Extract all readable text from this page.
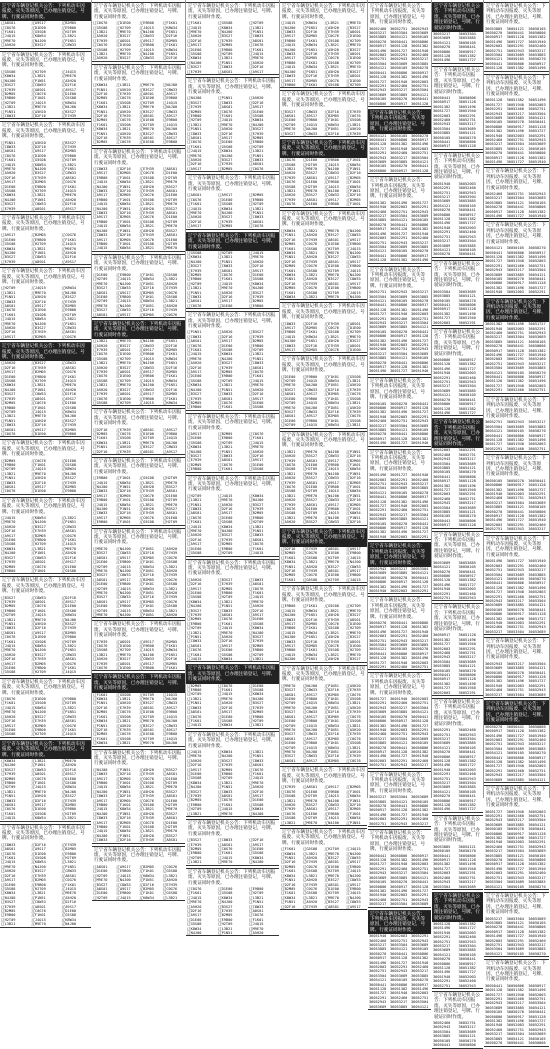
辽宁省车辆登记机关公告：下列机动车因报废、灭失等原因，已办理注销登记，号牌、行驶证同时作废。
辽A8S01	辽A9S17	辽B2M05
辽C0G76	辽D1E00	辽E9B00
辽F1K01	辽G5S08	辽H2T09
辽J4Q15	辽K8W34	辽L3B21
辽M9E70	辽N4J00	辽P1N51
辽A5H20	辽B3S27	辽C8W33
辽宁省车辆登记机关公告：下列机动车因报废、灭失等原因，已办理注销登记，号牌、行驶证同时作废。
辽G5S08	辽H2T09	辽J4Q15
辽K8W34	辽L3B21	辽M9E70
辽N4J00	辽P1N51	辽A5H20
辽B3S27	辽C8W33	辽D2F16
辽E7H39	辽A8S01	辽A9S17
辽B2M05	辽C0G76	辽D1E00
辽E9B00	辽F1K01	辽G5S08
辽H2T09	辽J4Q15	辽K8W34
辽L3B21	辽M9E70	辽N4J00
辽P1N51	辽A5H20	辽B3S27
辽C8W33	辽D2F16	辽E7H39
辽宁省车辆登记机关公告：下列机动车因报废、灭失等原因，已办理注销登记，号牌、行驶证同时作废。
辽P1N51	辽A5H20	辽B3S27
辽C8W33	辽D2F16	辽E7H39
辽A8S01	辽A9S17	辽B2M05
辽C0G76	辽D1E00	辽E9B00
辽F1K01	辽G5S08	辽H2T09
辽J4Q15	辽K8W34	辽L3B21
辽M9E70	辽N4J00	辽P1N51
辽A5H20	辽B3S27	辽C8W33
辽D2F16	辽E7H39	辽A8S01
辽A9S17	辽B2M05	辽C0G76
辽D1E00	辽E9B00	辽F1K01
辽G5S08	辽H2T09	辽J4Q15
辽K8W34	辽L3B21	辽M9E70
辽N4J00	辽P1N51	辽A5H20
辽B3S27	辽C8W33	辽D2F16
辽E7H39	辽A8S01	辽A9S17
辽宁省车辆登记机关公告：下列机动车因报废、灭失等原因，已办理注销登记，号牌、行驶证同时作废。
辽A9S17	辽B2M05	辽C0G76
辽D1E00	辽E9B00	辽F1K01
辽G5S08	辽H2T09	辽J4Q15
辽K8W34	辽L3B21	辽M9E70
辽N4J00	辽P1N51	辽A5H20
辽B3S27	辽C8W33	辽D2F16
辽E7H39	辽A8S01	辽A9S17
辽宁省车辆登记机关公告：下列机动车因报废、灭失等原因，已办理注销登记，号牌、行驶证同时作废。
辽H2T09	辽J4Q15	辽K8W34
辽L3B21	辽M9E70	辽N4J00
辽P1N51	辽A5H20	辽B3S27
辽C8W33	辽D2F16	辽E7H39
辽A8S01	辽A9S17	辽B2M05
辽C0G76	辽D1E00	辽E9B00
辽F1K01	辽G5S08	辽H2T09
辽J4Q15	辽K8W34	辽L3B21
辽M9E70	辽N4J00	辽P1N51
辽A5H20	辽B3S27	辽C8W33
辽D2F16	辽E7H39	辽A8S01
辽A9S17	辽B2M05	辽C0G76
辽宁省车辆登记机关公告：下列机动车因报废、灭失等原因，已办理注销登记，号牌、行驶证同时作废。
辽A5H20	辽B3S27	辽C8W33
辽D2F16	辽E7H39	辽A8S01
辽A9S17	辽B2M05	辽C0G76
辽D1E00	辽E9B00	辽F1K01
辽G5S08	辽H2T09	辽J4Q15
辽K8W34	辽L3B21	辽M9E70
辽N4J00	辽P1N51	辽A5H20
辽B3S27	辽C8W33	辽D2F16
辽E7H39	辽A8S01	辽A9S17
辽B2M05	辽C0G76	辽D1E00
辽E9B00	辽F1K01	辽G5S08
辽H2T09	辽J4Q15	辽K8W34
辽L3B21	辽M9E70	辽N4J00
辽P1N51	辽A5H20	辽B3S27
辽C8W33	辽D2F16	辽E7H39
辽A8S01	辽A9S17	辽B2M05
辽C0G76	辽D1E00	辽E9B00
辽宁省车辆登记机关公告：下列机动车因报废、灭失等原因，已办理注销登记，号牌、行驶证同时作废。
辽B2M05	辽C0G76	辽D1E00
辽E9B00	辽F1K01	辽G5S08
辽H2T09	辽J4Q15	辽K8W34
辽L3B21	辽M9E70	辽N4J00
辽P1N51	辽A5H20	辽B3S27
辽C8W33	辽D2F16	辽E7H39
辽A8S01	辽A9S17	辽B2M05
辽C0G76	辽D1E00	辽E9B00
辽宁省车辆登记机关公告：下列机动车因报废、灭失等原因，已办理注销登记，号牌、行驶证同时作废。
辽J4Q15	辽K8W34	辽L3B21
辽M9E70	辽N4J00	辽P1N51
辽A5H20	辽B3S27	辽C8W33
辽D2F16	辽E7H39	辽A8S01
辽A9S17	辽B2M05	辽C0G76
辽D1E00	辽E9B00	辽F1K01
辽G5S08	辽H2T09	辽J4Q15
辽K8W34	辽L3B21	辽M9E70
辽N4J00	辽P1N51	辽A5H20
辽B3S27	辽C8W33	辽D2F16
辽E7H39	辽A8S01	辽A9S17
辽B2M05	辽C0G76	辽D1E00
辽E9B00	辽F1K01	辽G5S08
辽宁省车辆登记机关公告：下列机动车因报废、灭失等原因，已办理注销登记，号牌、行驶证同时作废。
辽B3S27	辽C8W33	辽D2F16
辽E7H39	辽A8S01	辽A9S17
辽B2M05	辽C0G76	辽D1E00
辽E9B00	辽F1K01	辽G5S08
辽H2T09	辽J4Q15	辽K8W34
辽L3B21	辽M9E70	辽N4J00
辽P1N51	辽A5H20	辽B3S27
辽C8W33	辽D2F16	辽E7H39
辽A8S01	辽A9S17	辽B2M05
辽C0G76	辽D1E00	辽E9B00
辽F1K01	辽G5S08	辽H2T09
辽J4Q15	辽K8W34	辽L3B21
辽M9E70	辽N4J00	辽P1N51
辽A5H20	辽B3S27	辽C8W33
辽D2F16	辽E7H39	辽A8S01
辽A9S17	辽B2M05	辽C0G76
辽D1E00	辽E9B00	辽F1K01
辽G5S08	辽H2T09	辽J4Q15
辽宁省车辆登记机关公告：下列机动车因报废、灭失等原因，已办理注销登记，号牌、行驶证同时作废。
辽C0G76	辽D1E00	辽E9B00
辽F1K01	辽G5S08	辽H2T09
辽J4Q15	辽K8W34	辽L3B21
辽M9E70	辽N4J00	辽P1N51
辽A5H20	辽B3S27	辽C8W33
辽D2F16	辽E7H39	辽A8S01
辽A9S17	辽B2M05	辽C0G76
辽D1E00	辽E9B00	辽F1K01
辽G5S08	辽H2T09	辽J4Q15
辽宁省车辆登记机关公告：下列机动车因报废、灭失等原因，已办理注销登记，号牌、行驶证同时作废。
辽K8W34	辽L3B21	辽M9E70
辽N4J00	辽P1N51	辽A5H20
辽B3S27	辽C8W33	辽D2F16
辽E7H39	辽A8S01	辽A9S17
辽B2M05	辽C0G76	辽D1E00
辽E9B00	辽F1K01	辽G5S08
辽H2T09	辽J4Q15	辽K8W34
辽L3B21	辽M9E70	辽N4J00
辽P1N51	辽A5H20	辽B3S27
辽C8W33	辽D2F16	辽E7H39
辽A8S01	辽A9S17	辽B2M05
辽C0G76	辽D1E00	辽E9B00
辽F1K01	辽G5S08	辽H2T09
辽J4Q15	辽K8W34	辽L3B21
辽宁省车辆登记机关公告：下列机动车因报废、灭失等原因，已办理注销登记，号牌、行驶证同时作废。
辽C8W33	辽D2F16	辽E7H39
辽A8S01	辽A9S17	辽B2M05
辽C0G76	辽D1E00	辽E9B00
辽F1K01	辽G5S08	辽H2T09
辽J4Q15	辽K8W34	辽L3B21
辽M9E70	辽N4J00	辽P1N51
辽A5H20	辽B3S27	辽C8W33
辽D2F16	辽E7H39	辽A8S01
辽A9S17	辽B2M05	辽C0G76
辽D1E00	辽E9B00	辽F1K01
辽G5S08	辽H2T09	辽J4Q15
辽K8W34	辽L3B21	辽M9E70
辽N4J00	辽P1N51	辽A5H20
辽B3S27	辽C8W33	辽D2F16
辽E7H39	辽A8S01	辽A9S17
辽B2M05	辽C0G76	辽D1E00
辽E9B00	辽F1K01	辽G5S08
辽H2T09	辽J4Q15	辽K8W34
辽L3B21	辽M9E70	辽N4J00
辽宁省车辆登记机关公告：下列机动车因报废、灭失等原因，已办理注销登记，号牌、行驶证同时作废。
辽C0G76	辽D1E00	辽E9B00	辽F1K01
辽G5S08	辽H2T09	辽J4Q15	辽K8W34
辽L3B21	辽M9E70	辽N4J00	辽P1N51
辽A5H20	辽B3S27	辽C8W33	辽D2F16
辽E7H39	辽A8S01	辽A9S17	辽B2M05
辽C0G76	辽D1E00	辽E9B00	辽F1K01
辽G5S08	辽H2T09	辽J4Q15	辽K8W34
辽L3B21	辽M9E70	辽N4J00	辽P1N51
辽A5H20	辽B3S27	辽C8W33	辽D2F16
辽宁省车辆登记机关公告：下列机动车因报废、灭失等原因，已办理注销登记，号牌、行驶证同时作废。
辽K8W34	辽L3B21	辽M9E70	辽N4J00
辽P1N51	辽A5H20	辽B3S27	辽C8W33
辽D2F16	辽E7H39	辽A8S01	辽A9S17
辽B2M05	辽C0G76	辽D1E00	辽E9B00
辽F1K01	辽G5S08	辽H2T09	辽J4Q15
辽K8W34	辽L3B21	辽M9E70	辽N4J00
辽P1N51	辽A5H20	辽B3S27	辽C8W33
辽D2F16	辽E7H39	辽A8S01	辽A9S17
辽B2M05	辽C0G76	辽D1E00	辽E9B00
辽F1K01	辽G5S08	辽H2T09	辽J4Q15
辽K8W34	辽L3B21	辽M9E70	辽N4J00
辽P1N51	辽A5H20	辽B3S27	辽C8W33
辽D2F16	辽E7H39	辽A8S01	辽A9S17
辽B2M05	辽C0G76	辽D1E00	辽E9B00
辽宁省车辆登记机关公告：下列机动车因报废、灭失等原因，已办理注销登记，号牌、行驶证同时作废。
辽C8W33	辽D2F16	辽E7H39	辽A8S01
辽A9S17	辽B2M05	辽C0G76	辽D1E00
辽E9B00	辽F1K01	辽G5S08	辽H2T09
辽J4Q15	辽K8W34	辽L3B21	辽M9E70
辽N4J00	辽P1N51	辽A5H20	辽B3S27
辽C8W33	辽D2F16	辽E7H39	辽A8S01
辽A9S17	辽B2M05	辽C0G76	辽D1E00
辽E9B00	辽F1K01	辽G5S08	辽H2T09
辽J4Q15	辽K8W34	辽L3B21	辽M9E70
辽N4J00	辽P1N51	辽A5H20	辽B3S27
辽C8W33	辽D2F16	辽E7H39	辽A8S01
辽A9S17	辽B2M05	辽C0G76	辽D1E00
辽E9B00	辽F1K01	辽G5S08	辽H2T09
辽J4Q15	辽K8W34	辽L3B21	辽M9E70
辽N4J00	辽P1N51	辽A5H20	辽B3S27
辽C8W33	辽D2F16	辽E7H39	辽A8S01
辽A9S17	辽B2M05	辽C0G76	辽D1E00
辽E9B00	辽F1K01	辽G5S08	辽H2T09
辽J4Q15	辽K8W34	辽L3B21	辽M9E70
辽宁省车辆登记机关公告：下列机动车因报废、灭失等原因，已办理注销登记，号牌、行驶证同时作废。
辽D1E00	辽E9B00	辽F1K01	辽G5S08
辽H2T09	辽J4Q15	辽K8W34	辽L3B21
辽M9E70	辽N4J00	辽P1N51	辽A5H20
辽B3S27	辽C8W33	辽D2F16	辽E7H39
辽A8S01	辽A9S17	辽B2M05	辽C0G76
辽D1E00	辽E9B00	辽F1K01	辽G5S08
辽H2T09	辽J4Q15	辽K8W34	辽L3B21
辽M9E70	辽N4J00	辽P1N51	辽A5H20
辽B3S27	辽C8W33	辽D2F16	辽E7H39
辽A8S01	辽A9S17	辽B2M05	辽C0G76
辽宁省车辆登记机关公告：下列机动车因报废、灭失等原因，已办理注销登记，号牌、行驶证同时作废。
辽L3B21	辽M9E70	辽N4J00	辽P1N51
辽A5H20	辽B3S27	辽C8W33	辽D2F16
辽E7H39	辽A8S01	辽A9S17	辽B2M05
辽C0G76	辽D1E00	辽E9B00	辽F1K01
辽G5S08	辽H2T09	辽J4Q15	辽K8W34
辽L3B21	辽M9E70	辽N4J00	辽P1N51
辽A5H20	辽B3S27	辽C8W33	辽D2F16
辽E7H39	辽A8S01	辽A9S17	辽B2M05
辽C0G76	辽D1E00	辽E9B00	辽F1K01
辽G5S08	辽H2T09	辽J4Q15	辽K8W34
辽L3B21	辽M9E70	辽N4J00	辽P1N51
辽A5H20	辽B3S27	辽C8W33	辽D2F16
辽E7H39	辽A8S01	辽A9S17	辽B2M05
辽C0G76	辽D1E00	辽E9B00	辽F1K01
辽G5S08	辽H2T09	辽J4Q15	辽K8W34
辽宁省车辆登记机关公告：下列机动车因报废、灭失等原因，已办理注销登记，号牌、行驶证同时作废。
辽D2F16	辽E7H39	辽A8S01	辽A9S17
辽B2M05	辽C0G76	辽D1E00	辽E9B00
辽F1K01	辽G5S08	辽H2T09	辽J4Q15
辽K8W34	辽L3B21	辽M9E70	辽N4J00
辽P1N51	辽A5H20	辽B3S27	辽C8W33
辽D2F16	辽E7H39	辽A8S01	辽A9S17
辽宁省车辆登记机关公告：下列机动车因报废、灭失等原因，已办理注销登记，号牌、行驶证同时作废。
辽E9B00	辽F1K01	辽G5S08	辽H2T09
辽J4Q15	辽K8W34	辽L3B21	辽M9E70
辽N4J00	辽P1N51	辽A5H20	辽B3S27
辽C8W33	辽D2F16	辽E7H39	辽A8S01
辽A9S17	辽B2M05	辽C0G76	辽D1E00
辽E9B00	辽F1K01	辽G5S08	辽H2T09
辽J4Q15	辽K8W34	辽L3B21	辽M9E70
辽N4J00	辽P1N51	辽A5H20	辽B3S27
辽C8W33	辽D2F16	辽E7H39	辽A8S01
辽A9S17	辽B2M05	辽C0G76	辽D1E00
辽E9B00	辽F1K01	辽G5S08	辽H2T09
辽宁省车辆登记机关公告：下列机动车因报废、灭失等原因，已办理注销登记，号牌、行驶证同时作废。
辽M9E70	辽N4J00	辽P1N51	辽A5H20
辽B3S27	辽C8W33	辽D2F16	辽E7H39
辽A8S01	辽A9S17	辽B2M05	辽C0G76
辽D1E00	辽E9B00	辽F1K01	辽G5S08
辽H2T09	辽J4Q15	辽K8W34	辽L3B21
辽M9E70	辽N4J00	辽P1N51	辽A5H20
辽B3S27	辽C8W33	辽D2F16	辽E7H39
辽A8S01	辽A9S17	辽B2M05	辽C0G76
辽D1E00	辽E9B00	辽F1K01	辽G5S08
辽H2T09	辽J4Q15	辽K8W34	辽L3B21
辽M9E70	辽N4J00	辽P1N51	辽A5H20
辽B3S27	辽C8W33	辽D2F16	辽E7H39
辽A8S01	辽A9S17	辽B2M05	辽C0G76
辽D1E00	辽E9B00	辽F1K01	辽G5S08
辽H2T09	辽J4Q15	辽K8W34	辽L3B21
辽M9E70	辽N4J00	辽P1N51	辽A5H20
辽宁省车辆登记机关公告：下列机动车因报废、灭失等原因，已办理注销登记，号牌、行驶证同时作废。
辽E7H39	辽A8S01	辽A9S17	辽B2M05
辽C0G76	辽D1E00	辽E9B00	辽F1K01
辽G5S08	辽H2T09	辽J4Q15	辽K8W34
辽L3B21	辽M9E70	辽N4J00	辽P1N51
辽A5H20	辽B3S27	辽C8W33	辽D2F16
辽E7H39	辽A8S01	辽A9S17	辽B2M05
辽C0G76	辽D1E00	辽E9B00	辽F1K01
辽宁省车辆登记机关公告：下列机动车因报废、灭失等原因，已办理注销登记，号牌、行驶证同时作废。
辽F1K01	辽G5S08	辽H2T09	辽J4Q15
辽K8W34	辽L3B21	辽M9E70	辽N4J00
辽P1N51	辽A5H20	辽B3S27	辽C8W33
辽D2F16	辽E7H39	辽A8S01	辽A9S17
辽B2M05	辽C0G76	辽D1E00	辽E9B00
辽F1K01	辽G5S08	辽H2T09	辽J4Q15
辽K8W34	辽L3B21	辽M9E70	辽N4J00
辽P1N51	辽A5H20	辽B3S27	辽C8W33
辽D2F16	辽E7H39	辽A8S01	辽A9S17
辽B2M05	辽C0G76	辽D1E00	辽E9B00
辽F1K01	辽G5S08	辽H2T09	辽J4Q15
辽K8W34	辽L3B21	辽M9E70	辽N4J00
辽宁省车辆登记机关公告：下列机动车因报废、灭失等原因，已办理注销登记，号牌、行驶证同时作废。
辽N4J00	辽P1N51	辽A5H20	辽B3S27
辽C8W33	辽D2F16	辽E7H39	辽A8S01
辽A9S17	辽B2M05	辽C0G76	辽D1E00
辽E9B00	辽F1K01	辽G5S08	辽H2T09
辽J4Q15	辽K8W34	辽L3B21	辽M9E70
辽N4J00	辽P1N51	辽A5H20	辽B3S27
辽C8W33	辽D2F16	辽E7H39	辽A8S01
辽A9S17	辽B2M05	辽C0G76	辽D1E00
辽E9B00	辽F1K01	辽G5S08	辽H2T09
辽J4Q15	辽K8W34	辽L3B21	辽M9E70
辽N4J00	辽P1N51	辽A5H20	辽B3S27
辽C8W33	辽D2F16	辽E7H39	辽A8S01
辽A9S17	辽B2M05	辽C0G76	辽D1E00
辽E9B00	辽F1K01	辽G5S08	辽H2T09
辽J4Q15	辽K8W34	辽L3B21	辽M9E70
辽N4J00	辽P1N51	辽A5H20	辽B3S27
辽C8W33	辽D2F16	辽E7H39	辽A8S01
辽宁省车辆登记机关公告：下列机动车因报废、灭失等原因，已办理注销登记，号牌、行驶证同时作废。
辽A8S01	辽A9S17	辽B2M05	辽C0G76
辽D1E00	辽E9B00	辽F1K01	辽G5S08
辽H2T09	辽J4Q15	辽K8W34	辽L3B21
辽M9E70	辽N4J00	辽P1N51	辽A5H20
辽B3S27	辽C8W33	辽D2F16	辽E7H39
辽A8S01	辽A9S17	辽B2M05	辽C0G76
辽D1E00	辽E9B00	辽F1K01	辽G5S08
辽H2T09	辽J4Q15	辽K8W34	辽L3B21
辽宁省车辆登记机关公告：下列机动车因报废、灭失等原因，已办理注销登记，号牌、行驶证同时作废。
辽F1K01	辽G5S08	辽H2T09
辽J4Q15	辽K8W34	辽L3B21
辽M9E70	辽N4J00	辽P1N51
辽A5H20	辽B3S27	辽C8W33
辽D2F16	辽E7H39	辽A8S01
辽A9S17	辽B2M05	辽C0G76
辽D1E00	辽E9B00	辽F1K01
辽G5S08	辽H2T09	辽J4Q15
辽K8W34	辽L3B21	辽M9E70
辽N4J00	辽P1N51	辽A5H20
辽B3S27	辽C8W33	辽D2F16
辽E7H39	辽A8S01	辽A9S17
辽宁省车辆登记机关公告：下列机动车因报废、灭失等原因，已办理注销登记，号牌、行驶证同时作废。
辽N4J00	辽P1N51	辽A5H20
辽B3S27	辽C8W33	辽D2F16
辽E7H39	辽A8S01	辽A9S17
辽B2M05	辽C0G76	辽D1E00
辽E9B00	辽F1K01	辽G5S08
辽H2T09	辽J4Q15	辽K8W34
辽L3B21	辽M9E70	辽N4J00
辽P1N51	辽A5H20	辽B3S27
辽C8W33	辽D2F16	辽E7H39
辽A8S01	辽A9S17	辽B2M05
辽C0G76	辽D1E00	辽E9B00
辽F1K01	辽G5S08	辽H2T09
辽J4Q15	辽K8W34	辽L3B21
辽M9E70	辽N4J00	辽P1N51
辽A5H20	辽B3S27	辽C8W33
辽D2F16	辽E7H39	辽A8S01
辽A9S17	辽B2M05	辽C0G76
辽宁省车辆登记机关公告：下列机动车因报废、灭失等原因，已办理注销登记，号牌、行驶证同时作废。
辽A8S01	辽A9S17	辽B2M05
辽C0G76	辽D1E00	辽E9B00
辽F1K01	辽G5S08	辽H2T09
辽J4Q15	辽K8W34	辽L3B21
辽M9E70	辽N4J00	辽P1N51
辽A5H20	辽B3S27	辽C8W33
辽D2F16	辽E7H39	辽A8S01
辽A9S17	辽B2M05	辽C0G76
辽宁省车辆登记机关公告：下列机动车因报废、灭失等原因，已办理注销登记，号牌、行驶证同时作废。
辽G5S08	辽H2T09	辽J4Q15
辽K8W34	辽L3B21	辽M9E70
辽N4J00	辽P1N51	辽A5H20
辽B3S27	辽C8W33	辽D2F16
辽E7H39	辽A8S01	辽A9S17
辽B2M05	辽C0G76	辽D1E00
辽E9B00	辽F1K01	辽G5S08
辽H2T09	辽J4Q15	辽K8W34
辽L3B21	辽M9E70	辽N4J00
辽P1N51	辽A5H20	辽B3S27
辽C8W33	辽D2F16	辽E7H39
辽A8S01	辽A9S17	辽B2M05
辽C0G76	辽D1E00	辽E9B00
辽宁省车辆登记机关公告：下列机动车因报废、灭失等原因，已办理注销登记，号牌、行驶证同时作废。
辽P1N51	辽A5H20	辽B3S27
辽C8W33	辽D2F16	辽E7H39
辽A8S01	辽A9S17	辽B2M05
辽C0G76	辽D1E00	辽E9B00
辽F1K01	辽G5S08	辽H2T09
辽J4Q15	辽K8W34	辽L3B21
辽M9E70	辽N4J00	辽P1N51
辽A5H20	辽B3S27	辽C8W33
辽D2F16	辽E7H39	辽A8S01
辽A9S17	辽B2M05	辽C0G76
辽D1E00	辽E9B00	辽F1K01
辽G5S08	辽H2T09	辽J4Q15
辽K8W34	辽L3B21	辽M9E70
辽N4J00	辽P1N51	辽A5H20
辽B3S27	辽C8W33	辽D2F16
辽E7H39	辽A8S01	辽A9S17
辽B2M05	辽C0G76	辽D1E00
辽E9B00	辽F1K01	辽G5S08
辽宁省车辆登记机关公告：下列机动车因报废、灭失等原因，已办理注销登记，号牌、行驶证同时作废。
辽A9S17	辽B2M05	辽C0G76
辽D1E00	辽E9B00	辽F1K01
辽G5S08	辽H2T09	辽J4Q15
辽K8W34	辽L3B21	辽M9E70
辽N4J00	辽P1N51	辽A5H20
辽B3S27	辽C8W33	辽D2F16
辽E7H39	辽A8S01	辽A9S17
辽B2M05	辽C0G76	辽D1E00
辽E9B00	辽F1K01	辽G5S08
辽宁省车辆登记机关公告：下列机动车因报废、灭失等原因，已办理注销登记，号牌、行驶证同时作废。
辽H2T09	辽J4Q15	辽K8W34
辽L3B21	辽M9E70	辽N4J00
辽P1N51	辽A5H20	辽B3S27
辽C8W33	辽D2F16	辽E7H39
辽A8S01	辽A9S17	辽B2M05
辽C0G76	辽D1E00	辽E9B00
辽F1K01	辽G5S08	辽H2T09
辽J4Q15	辽K8W34	辽L3B21
辽M9E70	辽N4J00	辽P1N51
辽A5H20	辽B3S27	辽C8W33
辽D2F16	辽E7H39	辽A8S01
辽A9S17	辽B2M05	辽C0G76
辽D1E00	辽E9B00	辽F1K01
辽G5S08	辽H2T09	辽J4Q15
辽宁省车辆登记机关公告：下列机动车因报废、灭失等原因，已办理注销登记，号牌、行驶证同时作废。
辽A5H20	辽B3S27	辽C8W33
辽D2F16	辽E7H39	辽A8S01
辽A9S17	辽B2M05	辽C0G76
辽D1E00	辽E9B00	辽F1K01
辽G5S08	辽H2T09	辽J4Q15
辽K8W34	辽L3B21	辽M9E70
辽N4J00	辽P1N51	辽A5H20
辽B3S27	辽C8W33	辽D2F16
辽E7H39	辽A8S01	辽A9S17
辽B2M05	辽C0G76	辽D1E00
辽E9B00	辽F1K01	辽G5S08
辽H2T09	辽J4Q15	辽K8W34
辽L3B21	辽M9E70	辽N4J00
辽P1N51	辽A5H20	辽B3S27
辽C8W33	辽D2F16	辽E7H39
辽A8S01	辽A9S17	辽B2M05
辽C0G76	辽D1E00	辽E9B00
辽F1K01	辽G5S08	辽H2T09
辽J4Q15	辽K8W34	辽L3B21
辽宁省车辆登记机关公告：下列机动车因报废、灭失等原因，已办理注销登记，号牌、行驶证同时作废。
辽B2M05	辽C0G76	辽D1E00
辽E9B00	辽F1K01	辽G5S08
辽H2T09	辽J4Q15	辽K8W34
辽L3B21	辽M9E70	辽N4J00
辽P1N51	辽A5H20	辽B3S27
辽C8W33	辽D2F16	辽E7H39
辽A8S01	辽A9S17	辽B2M05
辽C0G76	辽D1E00	辽E9B00
辽F1K01	辽G5S08	辽H2T09
辽J4Q15	辽K8W34	辽L3B21
辽宁省车辆登记机关公告：下列机动车因报废、灭失等原因，已办理注销登记，号牌、行驶证同时作废。
辽J4Q15	辽K8W34	辽L3B21
辽M9E70	辽N4J00	辽P1N51
辽A5H20	辽B3S27	辽C8W33
辽D2F16	辽E7H39	辽A8S01
辽A9S17	辽B2M05	辽C0G76
辽D1E00	辽E9B00	辽F1K01
辽G5S08	辽H2T09	辽J4Q15
辽K8W34	辽L3B21	辽M9E70
辽N4J00	辽P1N51	辽A5H20
辽B3S27	辽C8W33	辽D2F16
辽E7H39	辽A8S01	辽A9S17
辽B2M05	辽C0G76	辽D1E00
辽E9B00	辽F1K01	辽G5S08
辽H2T09	辽J4Q15	辽K8W34
辽L3B21	辽M9E70	辽N4J00
辽宁省车辆登记机关公告：下列机动车因报废、灭失等原因，已办理注销登记，号牌、行驶证同时作废。
辽B3S27	辽C8W33	辽D2F16
辽E7H39	辽A8S01	辽A9S17
辽B2M05	辽C0G76	辽D1E00
辽E9B00	辽F1K01	辽G5S08
辽H2T09	辽J4Q15	辽K8W34
辽L3B21	辽M9E70	辽N4J00
辽宁省车辆登记机关公告：下列机动车因报废、灭失等原因，已办理注销登记，号牌、行驶证同时作废。
辽C0G76	辽D1E00	辽E9B00
辽F1K01	辽G5S08	辽H2T09
辽J4Q15	辽K8W34	辽L3B21
辽M9E70	辽N4J00	辽P1N51
辽A5H20	辽B3S27	辽C8W33
辽D2F16	辽E7H39	辽A8S01
辽A9S17	辽B2M05	辽C0G76
辽D1E00	辽E9B00	辽F1K01
辽G5S08	辽H2T09	辽J4Q15
辽K8W34	辽L3B21	辽M9E70
辽N4J00	辽P1N51	辽A5H20
辽宁省车辆登记机关公告：下列机动车因报废、灭失等原因，已办理注销登记，号牌、行驶证同时作废。
辽J4Q15	辽K8W34	辽L3B21	辽M9E70
辽N4J00	辽P1N51	辽A5H20	辽B3S27
辽C8W33	辽D2F16	辽E7H39	辽A8S01
辽A9S17	辽B2M05	辽C0G76	辽D1E00
辽E9B00	辽F1K01	辽G5S08	辽H2T09
辽J4Q15	辽K8W34	辽L3B21	辽M9E70
辽N4J00	辽P1N51	辽A5H20	辽B3S27
辽C8W33	辽D2F16	辽E7H39	辽A8S01
辽A9S17	辽B2M05	辽C0G76	辽D1E00
辽E9B00	辽F1K01	辽G5S08	辽H2T09
辽J4Q15	辽K8W34	辽L3B21	辽M9E70
辽N4J00	辽P1N51	辽A5H20	辽B3S27
辽C8W33	辽D2F16	辽E7H39	辽A8S01
辽A9S17	辽B2M05	辽C0G76	辽D1E00
辽E9B00	辽F1K01	辽G5S08	辽H2T09
辽宁省车辆登记机关公告：下列机动车因报废、灭失等原因，已办理注销登记，号牌、行驶证同时作废。
辽B3S27	辽C8W33	辽D2F16	辽E7H39
辽A8S01	辽A9S17	辽B2M05	辽C0G76
辽D1E00	辽E9B00	辽F1K01	辽G5S08
辽H2T09	辽J4Q15	辽K8W34	辽L3B21
辽M9E70	辽N4J00	辽P1N51	辽A5H20
辽B3S27	辽C8W33	辽D2F16	辽E7H39
辽宁省车辆登记机关公告：下列机动车因报废、灭失等原因，已办理注销登记，号牌、行驶证同时作废。
辽C0G76	辽D1E00	辽E9B00	辽F1K01
辽G5S08	辽H2T09	辽J4Q15	辽K8W34
辽L3B21	辽M9E70	辽N4J00	辽P1N51
辽A5H20	辽B3S27	辽C8W33	辽D2F16
辽E7H39	辽A8S01	辽A9S17	辽B2M05
辽C0G76	辽D1E00	辽E9B00	辽F1K01
辽G5S08	辽H2T09	辽J4Q15	辽K8W34
辽L3B21	辽M9E70	辽N4J00	辽P1N51
辽A5H20	辽B3S27	辽C8W33	辽D2F16
辽E7H39	辽A8S01	辽A9S17	辽B2M05
辽C0G76	辽D1E00	辽E9B00	辽F1K01
辽宁省车辆登记机关公告：下列机动车因报废、灭失等原因，已办理注销登记，号牌、行驶证同时作废。
辽K8W34	辽L3B21	辽M9E70	辽N4J00
辽P1N51	辽A5H20	辽B3S27	辽C8W33
辽D2F16	辽E7H39	辽A8S01	辽A9S17
辽B2M05	辽C0G76	辽D1E00	辽E9B00
辽F1K01	辽G5S08	辽H2T09	辽J4Q15
辽K8W34	辽L3B21	辽M9E70	辽N4J00
辽P1N51	辽A5H20	辽B3S27	辽C8W33
辽D2F16	辽E7H39	辽A8S01	辽A9S17
辽B2M05	辽C0G76	辽D1E00	辽E9B00
辽F1K01	辽G5S08	辽H2T09	辽J4Q15
辽K8W34	辽L3B21	辽M9E70	辽N4J00
辽P1N51	辽A5H20	辽B3S27	辽C8W33
辽D2F16	辽E7H39	辽A8S01	辽A9S17
辽B2M05	辽C0G76	辽D1E00	辽E9B00
辽F1K01	辽G5S08	辽H2T09	辽J4Q15
辽K8W34	辽L3B21	辽M9E70	辽N4J00
辽宁省车辆登记机关公告：下列机动车因报废、灭失等原因，已办理注销登记，号牌、行驶证同时作废。
辽C8W33	辽D2F16	辽E7H39	辽A8S01
辽A9S17	辽B2M05	辽C0G76	辽D1E00
辽E9B00	辽F1K01	辽G5S08	辽H2T09
辽J4Q15	辽K8W34	辽L3B21	辽M9E70
辽N4J00	辽P1N51	辽A5H20	辽B3S27
辽C8W33	辽D2F16	辽E7H39	辽A8S01
辽A9S17	辽B2M05	辽C0G76	辽D1E00
辽宁省车辆登记机关公告：下列机动车因报废、灭失等原因，已办理注销登记，号牌、行驶证同时作废。
辽D1E00	辽E9B00	辽F1K01	辽G5S08
辽H2T09	辽J4Q15	辽K8W34	辽L3B21
辽M9E70	辽N4J00	辽P1N51	辽A5H20
辽B3S27	辽C8W33	辽D2F16	辽E7H39
辽A8S01	辽A9S17	辽B2M05	辽C0G76
辽D1E00	辽E9B00	辽F1K01	辽G5S08
辽H2T09	辽J4Q15	辽K8W34	辽L3B21
辽M9E70	辽N4J00	辽P1N51	辽A5H20
辽B3S27	辽C8W33	辽D2F16	辽E7H39
辽A8S01	辽A9S17	辽B2M05	辽C0G76
辽D1E00	辽E9B00	辽F1K01	辽G5S08
辽H2T09	辽J4Q15	辽K8W34	辽L3B21
辽宁省车辆登记机关公告：下列机动车因报废、灭失等原因，已办理注销登记，号牌、行驶证同时作废。
辽L3B21	辽M9E70	辽N4J00	辽P1N51
辽A5H20	辽B3S27	辽C8W33	辽D2F16
辽E7H39	辽A8S01	辽A9S17	辽B2M05
辽C0G76	辽D1E00	辽E9B00	辽F1K01
辽G5S08	辽H2T09	辽J4Q15	辽K8W34
辽L3B21	辽M9E70	辽N4J00	辽P1N51
辽A5H20	辽B3S27	辽C8W33	辽D2F16
辽E7H39	辽A8S01	辽A9S17	辽B2M05
辽C0G76	辽D1E00	辽E9B00	辽F1K01
辽G5S08	辽H2T09	辽J4Q15	辽K8W34
辽L3B21	辽M9E70	辽N4J00	辽P1N51
辽A5H20	辽B3S27	辽C8W33	辽D2F16
辽E7H39	辽A8S01	辽A9S17	辽B2M05
辽C0G76	辽D1E00	辽E9B00	辽F1K01
辽G5S08	辽H2T09	辽J4Q15	辽K8W34
辽L3B21	辽M9E70	辽N4J00	辽P1N51
辽A5H20	辽B3S27	辽C8W33	辽D2F16
辽宁省车辆登记机关公告：下列机动车因报废、灭失等原因，已办理注销登记，号牌、行驶证同时作废。
辽D2F16	辽E7H39	辽A8S01	辽A9S17
辽B2M05	辽C0G76	辽D1E00	辽E9B00
辽F1K01	辽G5S08	辽H2T09	辽J4Q15
辽K8W34	辽L3B21	辽M9E70	辽N4J00
辽P1N51	辽A5H20	辽B3S27	辽C8W33
辽D2F16	辽E7H39	辽A8S01	辽A9S17
辽B2M05	辽C0G76	辽D1E00	辽E9B00
辽F1K01	辽G5S08	辽H2T09	辽J4Q15
辽宁省车辆登记机关公告：下列机动车因报废、灭失等原因，已办理注销登记，号牌、行驶证同时作废。
辽E9B00	辽F1K01	辽G5S08	辽H2T09
辽J4Q15	辽K8W34	辽L3B21	辽M9E70
辽N4J00	辽P1N51	辽A5H20	辽B3S27
辽C8W33	辽D2F16	辽E7H39	辽A8S01
辽A9S17	辽B2M05	辽C0G76	辽D1E00
辽E9B00	辽F1K01	辽G5S08	辽H2T09
辽J4Q15	辽K8W34	辽L3B21	辽M9E70
辽N4J00	辽P1N51	辽A5H20	辽B3S27
辽C8W33	辽D2F16	辽E7H39	辽A8S01
辽A9S17	辽B2M05	辽C0G76	辽D1E00
辽E9B00	辽F1K01	辽G5S08	辽H2T09
辽J4Q15	辽K8W34	辽L3B21	辽M9E70
辽N4J00	辽P1N51	辽A5H20	辽B3S27
辽宁省车辆登记机关公告：下列机动车因报废、灭失等原因，已办理注销登记，号牌、行驶证同时作废。
辽M9E70	辽N4J00	辽P1N51	辽A5H20
辽B3S27	辽C8W33	辽D2F16	辽E7H39
辽A8S01	辽A9S17	辽B2M05	辽C0G76
辽D1E00	辽E9B00	辽F1K01	辽G5S08
辽H2T09	辽J4Q15	辽K8W34	辽L3B21
辽M9E70	辽N4J00	辽P1N51	辽A5H20
辽B3S27	辽C8W33	辽D2F16	辽E7H39
辽A8S01	辽A9S17	辽B2M05	辽C0G76
辽D1E00	辽E9B00	辽F1K01	辽G5S08
辽H2T09	辽J4Q15	辽K8W34	辽L3B21
辽M9E70	辽N4J00	辽P1N51	辽A5H20
辽B3S27	辽C8W33	辽D2F16	辽E7H39
辽A8S01	辽A9S17	辽B2M05	辽C0G76
辽D1E00	辽E9B00	辽F1K01	辽G5S08
辽H2T09	辽J4Q15	辽K8W34	辽L3B21
辽M9E70	辽N4J00	辽P1N51	辽A5H20
辽B3S27	辽C8W33	辽D2F16	辽E7H39
辽A8S01	辽A9S17	辽B2M05	辽C0G76
辽宁省车辆登记机关公告：下列机动车因报废、灭失等原因，已办理注销登记，号牌、行驶证同时作废。
辽E7H39	辽A8S01	辽A9S17	辽B2M05
辽C0G76	辽D1E00	辽E9B00	辽F1K01
辽G5S08	辽H2T09	辽J4Q15	辽K8W34
辽L3B21	辽M9E70	辽N4J00	辽P1N51
辽A5H20	辽B3S27	辽C8W33	辽D2F16
辽E7H39	辽A8S01	辽A9S17	辽B2M05
辽C0G76	辽D1E00	辽E9B00	辽F1K01
辽G5S08	辽H2T09	辽J4Q15	辽K8W34
辽L3B21	辽M9E70	辽N4J00	辽P1N51
辽宁省车辆登记机关公告：下列机动车因报废、灭失等原因，已办理注销登记，号牌、行驶证同时作废。
辽F1K01	辽G5S08	辽H2T09	辽J4Q15
辽K8W34	辽L3B21	辽M9E70	辽N4J00
辽P1N51	辽A5H20	辽B3S27	辽C8W33
辽D2F16	辽E7H39	辽A8S01	辽A9S17
辽B2M05	辽C0G76	辽D1E00	辽E9B00
辽F1K01	辽G5S08	辽H2T09	辽J4Q15
辽K8W34	辽L3B21	辽M9E70	辽N4J00
辽P1N51	辽A5H20	辽B3S27	辽C8W33
辽D2F16	辽E7H39	辽A8S01	辽A9S17
辽B2M05	辽C0G76	辽D1E00	辽E9B00
辽F1K01	辽G5S08	辽H2T09	辽J4Q15
辽K8W34	辽L3B21	辽M9E70	辽N4J00
辽P1N51	辽A5H20	辽B3S27	辽C8W33
辽D2F16	辽E7H39	辽A8S01	辽A9S17
辽宁省车辆登记机关公告：下列机动车因报废、灭失等原因，已办理注销登记，号牌、行驶证同时作废。
36052460	36052751	36052943
36053217	36053504	36053689
36053885	36054121	36050105
36050270	36050441	36050806
36050917	36051128	36051382
36051496	36051727	36051940
36052003	36052291	36052460
36052751	36052943	36053217
36053504	36053689	36053885
36054121	36050105	36050270
36050441	36050806	36050917
36051128	36051382	36051496
36051727	36051940	36052003
36052291	36052460	36052751
36052943	36053217	36053504
36053689	36053885	36054121
36050105	36050270	36050441
36050806	36050917	36051128
辽宁省车辆登记机关公告：下列机动车因报废、灭失等原因，已办理注销登记，号牌、行驶证同时作废。
36054121	36050105	36050270
36050441	36050806	36050917
36051128	36051382	36051496
36051727	36051940	36052003
36052291	36052460	36052751
36052943	36053217	36053504
36053689	36053885	36054121
36050105	36050270	36050441
36050806	36050917	36051128
辽宁省车辆登记机关公告：下列机动车因报废、灭失等原因，已办理注销登记，号牌、行驶证同时作废。
36051382	36051496	36051727
36051940	36052003	36052291
36052460	36052751	36052943
36053217	36053504	36053689
36053885	36054121	36050105
36050270	36050441	36050806
36050917	36051128	36051382
36051496	36051727	36051940
36052003	36052291	36052460
36052751	36052943	36053217
36053504	36053689	36053885
36054121	36050105	36050270
36050441	36050806	36050917
36051128	36051382	36051496
辽宁省车辆登记机关公告：下列机动车因报废、灭失等原因，已办理注销登记，号牌、行驶证同时作废。
36052751	36052943	36053217
36053504	36053689	36053885
36054121	36050105	36050270
36050441	36050806	36050917
36051128	36051382	36051496
36051727	36051940	36052003
36052291	36052460	36052751
36052943	36053217	36053504
36053689	36053885	36054121
36050105	36050270	36050441
36050806	36050917	36051128
36051382	36051496	36051727
36051940	36052003	36052291
36052460	36052751	36052943
36053217	36053504	36053689
36053885	36054121	36050105
36050270	36050441	36050806
36050917	36051128	36051382
36051496	36051727	36051940
辽宁省车辆登记机关公告：下列机动车因报废、灭失等原因，已办理注销登记，号牌、行驶证同时作废。
36050105	36050270	36050441
36050806	36050917	36051128
36051382	36051496	36051727
36051940	36052003	36052291
36052460	36052751	36052943
36053217	36053504	36053689
36053885	36054121	36050105
36050270	36050441	36050806
36050917	36051128	36051382
36051496	36051727	36051940
辽宁省车辆登记机关公告：下列机动车因报废、灭失等原因，已办理注销登记，号牌、行驶证同时作废。
36051496	36051727	36051940
36052003	36052291	36052460
36052751	36052943	36053217
36053504	36053689	36053885
36054121	36050105	36050270
36050441	36050806	36050917
36051128	36051382	36051496
36051727	36051940	36052003
36052291	36052460	36052751
36052943	36053217	36053504
36053689	36053885	36054121
36050105	36050270	36050441
36050806	36050917	36051128
36051382	36051496	36051727
36051940	36052003	36052291
辽宁省车辆登记机关公告：下列机动车因报废、灭失等原因，已办理注销登记，号牌、行驶证同时作废。
36052943	36053217	36053504
36053689	36053885	36054121
36050105	36050270	36050441
36050806	36050917	36051128
36051382	36051496	36051727
36051940	36052003	36052291
辽宁省车辆登记机关公告：下列机动车因报废、灭失等原因，已办理注销登记，号牌、行驶证同时作废。
36050270	36050441	36050806
36050917	36051128	36051382
36051496	36051727	36051940
36052003	36052291	36052460
36052751	36052943	36053217
36053504	36053689	36053885
36054121	36050105	36050270
36050441	36050806	36050917
36051128	36051382	36051496
36051727	36051940	36052003
36052291	36052460	36052751
辽宁省车辆登记机关公告：下列机动车因报废、灭失等原因，已办理注销登记，号牌、行驶证同时作废。
36051727	36051940	36052003
36052291	36052460	36052751
36052943	36053217	36053504
36053689	36053885	36054121
36050105	36050270	36050441
36050806	36050917	36051128
36051382	36051496	36051727
36051940	36052003	36052291
36052460	36052751	36052943
36053217	36053504	36053689
36053885	36054121	36050105
36050270	36050441	36050806
36050917	36051128	36051382
36051496	36051727	36051940
36052003	36052291	36052460
36052751	36052943	36053217
辽宁省车辆登记机关公告：下列机动车因报废、灭失等原因，已办理注销登记，号牌、行驶证同时作废。
36053217	36053504	36053689
36053885	36054121	36050105
36050270	36050441	36050806
36050917	36051128	36051382
36051496	36051727	36051940
36052003	36052291	36052460
36052751	36052943	36053217
辽宁省车辆登记机关公告：下列机动车因报废、灭失等原因，已办理注销登记，号牌、行驶证同时作废。
36050441	36050806	36050917
36051128	36051382	36051496
36051727	36051940	36052003
36052291	36052460	36052751
36052943	36053217	36053504
36053689	36053885	36054121
36050105	36050270	36050441
36050806	36050917	36051128
36051382	36051496	36051727
36051940	36052003	36052291
36052460	36052751	36052943
36053217	36053504	36053689
辽宁省车辆登记机关公告：下列机动车因报废、灭失等原因，已办理注销登记，号牌、行驶证同时作废。
36051940	36052003	36052291
36052460	36052751	36052943
36053217	36053504	36053689
36053885	36054121	36050105
36050270	36050441	36050806
36050917	36051128	36051382
36051496	36051727	36051940
36052003	36052291	36052460
36052751	36052943	36053217
36053504	36053689	36053885
36054121	36050105	36050270
36050441	36050806	36050917
36051128	36051382	36051496
36051727	36051940	36052003
36052291	36052460	36052751
36052943	36053217	36053504
36053689	36053885	36054121
辽宁省车辆登记机关公告：下列机动车因报废、灭失等原因，已办理注销登记，号牌、行驶证同时作废。
36053217	36053504
36053689	36053885
36054121	36050105
36050270	36050441
36050806	36050917
36051128	36051382
36051496	36051727
辽宁省车辆登记机关公告：下列机动车因报废、灭失等原因，已办理注销登记，号牌、行驶证同时作废。
36050441	36050806
36050917	36051128
36051382	36051496
36051727	36051940
36052003	36052291
36052460	36052751
36052943	36053217
36053504	36053689
36053885	36054121
36050105	36050270
36050441	36050806
36050917	36051128
辽宁省车辆登记机关公告：下列机动车因报废、灭失等原因，已办理注销登记，号牌、行驶证同时作废。
36051940	36052003
36052291	36052460
36052751	36052943
36053217	36053504
36053689	36053885
36054121	36050105
36050270	36050441
36050806	36050917
36051128	36051382
36051496	36051727
36051940	36052003
36052291	36052460
36052751	36052943
36053217	36053504
36053689	36053885
36054121	36050105
36050270	36050441
辽宁省车辆登记机关公告：下列机动车因报废、灭失等原因，已办理注销登记，号牌、行驶证同时作废。
36053504	36053689
36053885	36054121
36050105	36050270
36050441	36050806
36050917	36051128
36051382	36051496
36051727	36051940
36052003	36052291
辽宁省车辆登记机关公告：下列机动车因报废、灭失等原因，已办理注销登记，号牌、行驶证同时作废。
36050806	36050917
36051128	36051382
36051496	36051727
36051940	36052003
36052291	36052460
36052751	36052943
36053217	36053504
36053689	36053885
36054121	36050105
36050270	36050441
36050806	36050917
36051128	36051382
36051496	36051727
辽宁省车辆登记机关公告：下列机动车因报废、灭失等原因，已办理注销登记，号牌、行驶证同时作废。
36052003	36052291
36052460	36052751
36052943	36053217
36053504	36053689
36053885	36054121
36050105	36050270
36050441	36050806
36050917	36051128
36051382	36051496
36051727	36051940
36052003	36052291
36052460	36052751
36052943	36053217
36053504	36053689
36053885	36054121
36050105	36050270
36050441	36050806
36050917	36051128
辽宁省车辆登记机关公告：下列机动车因报废、灭失等原因，已办理注销登记，号牌、行驶证同时作废。
36053689	36053885
36054121	36050105
36050270	36050441
36050806	36050917
36051128	36051382
36051496	36051727
36051940	36052003
36052291	36052460
36052751	36052943
辽宁省车辆登记机关公告：下列机动车因报废、灭失等原因，已办理注销登记，号牌、行驶证同时作废。
36050917	36051128
36051382	36051496
36051727	36051940
36052003	36052291
36052460	36052751
36052943	36053217
36053504	36053689
36053885	36054121
36050105	36050270
36050441	36050806
36050917	36051128
36051382	36051496
36051727	36051940
36052003	36052291
辽宁省车辆登记机关公告：下列机动车因报废、灭失等原因，已办理注销登记，号牌、行驶证同时作废。
36052291	36052460
36052751	36052943
36053217	36053504
36053689	36053885
36054121	36050105
36050270	36050441
36050806	36050917
36051128	36051382
36051496	36051727
36051940	36052003
36052291	36052460
36052751	36052943
36053217	36053504
36053689	36053885
36054121	36050105
36050270	36050441
36050806	36050917
36051128	36051382
36051496	36051727
辽宁省车辆登记机关公告：下列机动车因报废、灭失等原因，已办理注销登记，号牌、行驶证同时作废。
36053885	36054121
36050105	36050270
36050441	36050806
36050917	36051128
36051382	36051496
36051727	36051940
36052003	36052291
36052460	36052751
36052943	36053217
36053504	36053689
辽宁省车辆登记机关公告：下列机动车因报废、灭失等原因，已办理注销登记，号牌、行驶证同时作废。
36051128	36051382
36051496	36051727
36051940	36052003
36052291	36052460
36052751	36052943
36053217	36053504
36053689	36053885
36054121	36050105
36050270	36050441
36050806	36050917
36051128	36051382
36051496	36051727
36051940	36052003
36052291	36052460
36052751	36052943
辽宁省车辆登记机关公告：下列机动车因报废、灭失等原因，已办理注销登记，号牌、行驶证同时作废。
36052460	36052751
36052943	36053217
36053504	36053689
36053885	36054121
36050105	36050270
36050441	36050806
辽宁省车辆登记机关公告：下列机动车因报废、灭失等原因，已办理注销登记，号牌、行驶证同时作废。
36053885	36054121	36050105
36050270	36050441	36050806
36050917	36051128	36051382
36051496	36051727	36051940
36052003	36052291	36052460
36052751	36052943	36053217
36053504	36053689	36053885
36054121	36050105	36050270
36050441	36050806	36050917
36051128	36051382	36051496
辽宁省车辆登记机关公告：下列机动车因报废、灭失等原因，已办理注销登记，号牌、行驶证同时作废。
36051128	36051382	36051496
36051727	36051940	36052003
36052291	36052460	36052751
36052943	36053217	36053504
36053689	36053885	36054121
36050105	36050270	36050441
36050806	36050917	36051128
36051382	36051496	36051727
36051940	36052003	36052291
36052460	36052751	36052943
36053217	36053504	36053689
36053885	36054121	36050105
36050270	36050441	36050806
36050917	36051128	36051382
36051496	36051727	36051940
辽宁省车辆登记机关公告：下列机动车因报废、灭失等原因，已办理注销登记，号牌、行驶证同时作废。
36052460	36052751	36052943
36053217	36053504	36053689
36053885	36054121	36050105
36050270	36050441	36050806
36050917	36051128	36051382
36051496	36051727	36051940
辽宁省车辆登记机关公告：下列机动车因报废、灭失等原因，已办理注销登记，号牌、行驶证同时作废。
36054121	36050105	36050270
36050441	36050806	36050917
36051128	36051382	36051496
36051727	36051940	36052003
36052291	36052460	36052751
36052943	36053217	36053504
36053689	36053885	36054121
36050105	36050270	36050441
36050806	36050917	36051128
36051382	36051496	36051727
36051940	36052003	36052291
辽宁省车辆登记机关公告：下列机动车因报废、灭失等原因，已办理注销登记，号牌、行驶证同时作废。
36051382	36051496	36051727
36051940	36052003	36052291
36052460	36052751	36052943
36053217	36053504	36053689
36053885	36054121	36050105
36050270	36050441	36050806
36050917	36051128	36051382
36051496	36051727	36051940
36052003	36052291	36052460
36052751	36052943	36053217
36053504	36053689	36053885
36054121	36050105	36050270
36050441	36050806	36050917
36051128	36051382	36051496
36051727	36051940	36052003
36052291	36052460	36052751
辽宁省车辆登记机关公告：下列机动车因报废、灭失等原因，已办理注销登记，号牌、行驶证同时作废。
36052751	36052943	36053217
36053504	36053689	36053885
36054121	36050105	36050270
36050441	36050806	36050917
36051128	36051382	36051496
36051727	36051940	36052003
36052291	36052460	36052751
辽宁省车辆登记机关公告：下列机动车因报废、灭失等原因，已办理注销登记，号牌、行驶证同时作废。
36050105	36050270	36050441
36050806	36050917	36051128
36051382	36051496	36051727
36051940	36052003	36052291
36052460	36052751	36052943
36053217	36053504	36053689
36053885	36054121	36050105
36050270	36050441	36050806
36050917	36051128	36051382
36051496	36051727	36051940
36052003	36052291	36052460
36052751	36052943	36053217
辽宁省车辆登记机关公告：下列机动车因报废、灭失等原因，已办理注销登记，号牌、行驶证同时作废。
36051496	36051727	36051940
36052003	36052291	36052460
36052751	36052943	36053217
36053504	36053689	36053885
36054121	36050105	36050270
36050441	36050806	36050917
36051128	36051382	36051496
36051727	36051940	36052003
36052291	36052460	36052751
36052943	36053217	36053504
36053689	36053885	36054121
36050105	36050270	36050441
36050806	36050917	36051128
36051382	36051496	36051727
36051940	36052003	36052291
36052460	36052751	36052943
36053217	36053504	36053689
辽宁省车辆登记机关公告：下列机动车因报废、灭失等原因，已办理注销登记，号牌、行驶证同时作废。
36052943	36053217	36053504
36053689	36053885	36054121
36050105	36050270	36050441
36050806	36050917	36051128
36051382	36051496	36051727
36051940	36052003	36052291
36052460	36052751	36052943
36053217	36053504	36053689
辽宁省车辆登记机关公告：下列机动车因报废、灭失等原因，已办理注销登记，号牌、行驶证同时作废。
36050270	36050441	36050806
36050917	36051128	36051382
36051496	36051727	36051940
36052003	36052291	36052460
36052751	36052943	36053217
36053504	36053689	36053885
36054121	36050105	36050270
36050441	36050806	36050917
36051128	36051382	36051496
36051727	36051940	36052003
36052291	36052460	36052751
36052943	36053217	36053504
36053689	36053885	36054121
辽宁省车辆登记机关公告：下列机动车因报废、灭失等原因，已办理注销登记，号牌、行驶证同时作废。
36051727	36051940	36052003
36052291	36052460	36052751
36052943	36053217	36053504
36053689	36053885	36054121
36050105	36050270	36050441
36050806	36050917	36051128
36051382	36051496	36051727
36051940	36052003	36052291
36052460	36052751	36052943
36053217	36053504	36053689
36053885	36054121	36050105
36050270	36050441	36050806
36050917	36051128	36051382
36051496	36051727	36051940
36052003	36052291	36052460
36052751	36052943	36053217
36053504	36053689	36053885
36054121	36050105	36050270
辽宁省车辆登记机关公告：下列机动车因报废、灭失等原因，已办理注销登记，号牌、行驶证同时作废。
36053217	36053504	36053689
36053885	36054121	36050105
36050270	36050441	36050806
36050917	36051128	36051382
36051496	36051727	36051940
36052003	36052291	36052460
36052751	36052943	36053217
36053504	36053689	36053885
36054121	36050105	36050270
辽宁省车辆登记机关公告：下列机动车因报废、灭失等原因，已办理注销登记，号牌、行驶证同时作废。
36050441	36050806	36050917
36051128	36051382	36051496
36051727	36051940	36052003
36052291	36052460	36052751
36052943	36053217	36053504
36053689	36053885	36054121
36050105	36050270	36050441
36050806	36050917	36051128
36051382	36051496	36051727
36051940	36052003	36052291
36052460	36052751	36052943
36053217	36053504	36053689
36053885	36054121	36050105
36050270	36050441	36050806
